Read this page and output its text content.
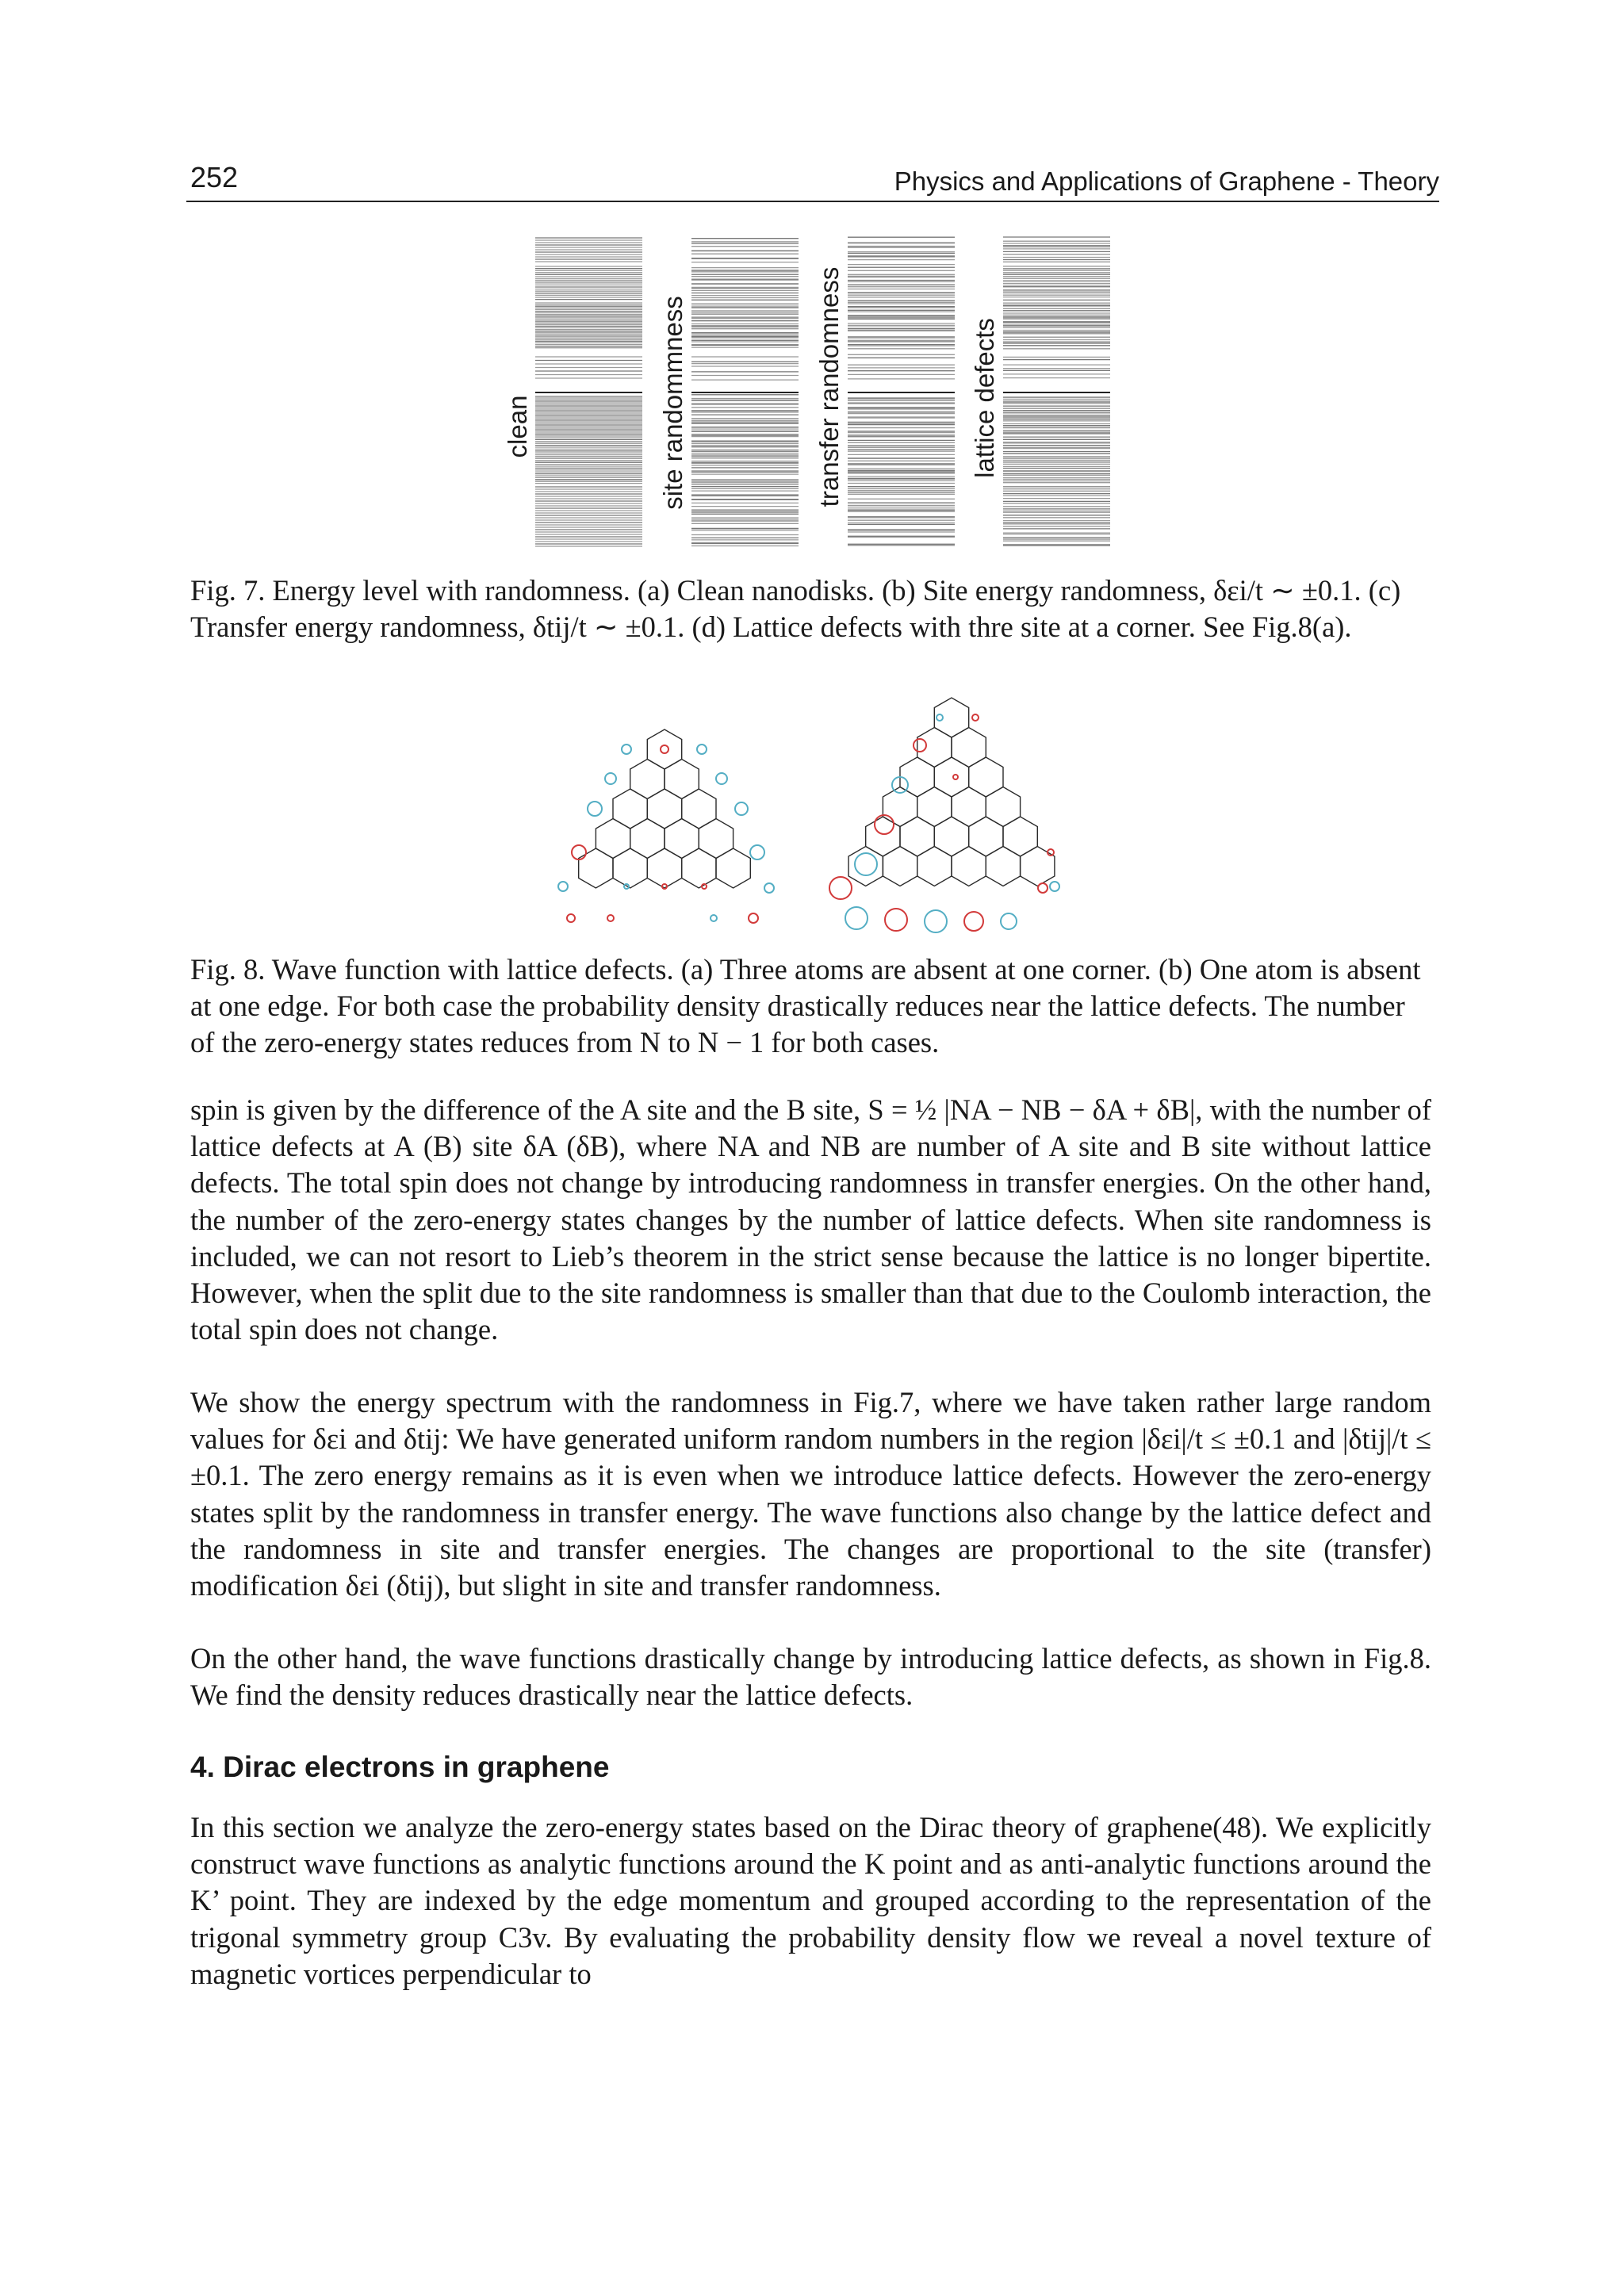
252	Physics and Applications of Graphene - Theory
clean	site randommness	transfer randomness	lattice defects

Fig. 7. Energy level with randomness. (a) Clean nanodisks. (b) Site energy randomness, δεi/t ∼ ±0.1. (c) Transfer energy randomness, δtij/t ∼ ±0.1. (d) Lattice defects with thre site at a corner. See Fig.8(a).

Fig. 8. Wave function with lattice defects. (a) Three atoms are absent at one corner. (b) One atom is absent at one edge. For both case the probability density drastically reduces near the lattice defects. The number of the zero-energy states reduces from N to N − 1 for both cases.

spin is given by the difference of the A site and the B site, S = ½ |NA − NB − δA + δB|, with the number of lattice defects at A (B) site δA (δB), where NA and NB are number of A site and B site without lattice defects. The total spin does not change by introducing randomness in transfer energies. On the other hand, the number of the zero-energy states changes by the number of lattice defects. When site randomness is included, we can not resort to Lieb’s theorem in the strict sense because the lattice is no longer bipertite. However, when the split due to the site randomness is smaller than that due to the Coulomb interaction, the total spin does not change.

We show the energy spectrum with the randomness in Fig.7, where we have taken rather large random values for δεi and δtij: We have generated uniform random numbers in the region |δεi|/t ≤ ±0.1 and |δtij|/t ≤ ±0.1. The zero energy remains as it is even when we introduce lattice defects. However the zero-energy states split by the randomness in transfer energy. The wave functions also change by the lattice defect and the randomness in site and transfer energies. The changes are proportional to the site (transfer) modification δεi (δtij), but slight in site and transfer randomness.

On the other hand, the wave functions drastically change by introducing lattice defects, as shown in Fig.8. We find the density reduces drastically near the lattice defects.

4. Dirac electrons in graphene

In this section we analyze the zero-energy states based on the Dirac theory of graphene(48). We explicitly construct wave functions as analytic functions around the K point and as anti-analytic functions around the K’ point. They are indexed by the edge momentum and grouped according to the representation of the trigonal symmetry group C3v. By evaluating the probability density flow we reveal a novel texture of magnetic vortices perpendicular to
